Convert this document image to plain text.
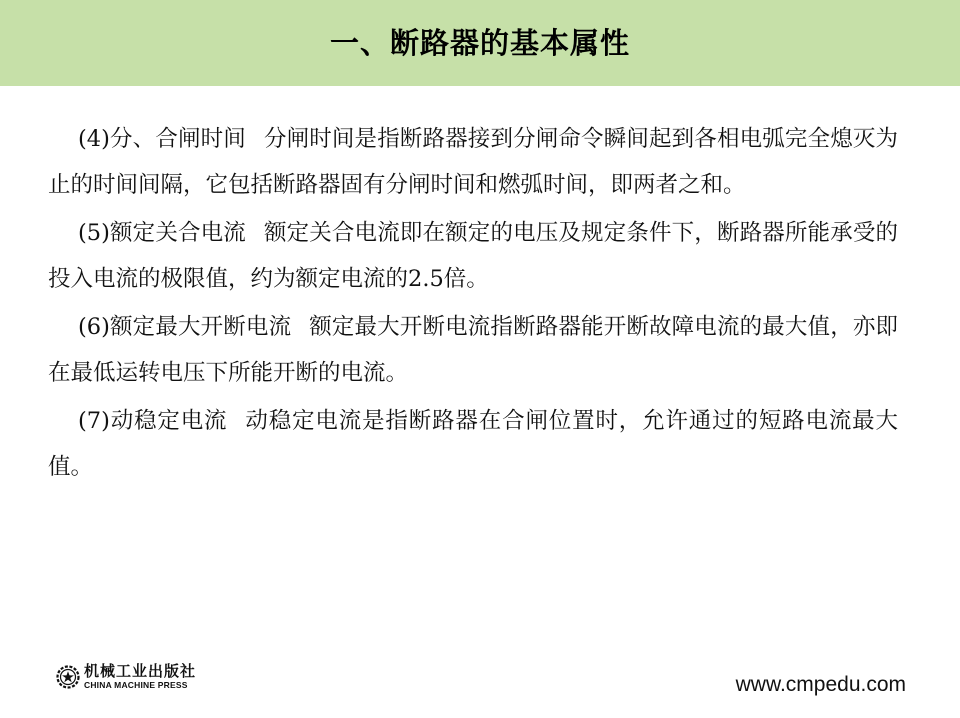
一、断路器的基本属性

(4)分、合闸时间 分闸时间是指断路器接到分闸命令瞬间起到各相电弧完全熄灭为止的时间间隔，它包括断路器固有分闸时间和燃弧时间，即两者之和。

(5)额定关合电流 额定关合电流即在额定的电压及规定条件下，断路器所能承受的投入电流的极限值，约为额定电流的2.5倍。

(6)额定最大开断电流 额定最大开断电流指断路器能开断故障电流的最大值，亦即在最低运转电压下所能开断的电流。

(7)动稳定电流 动稳定电流是指断路器在合闸位置时，允许通过的短路电流最大值。

机械工业出版社
CHINA MACHINE PRESS	www.cmpedu.com
